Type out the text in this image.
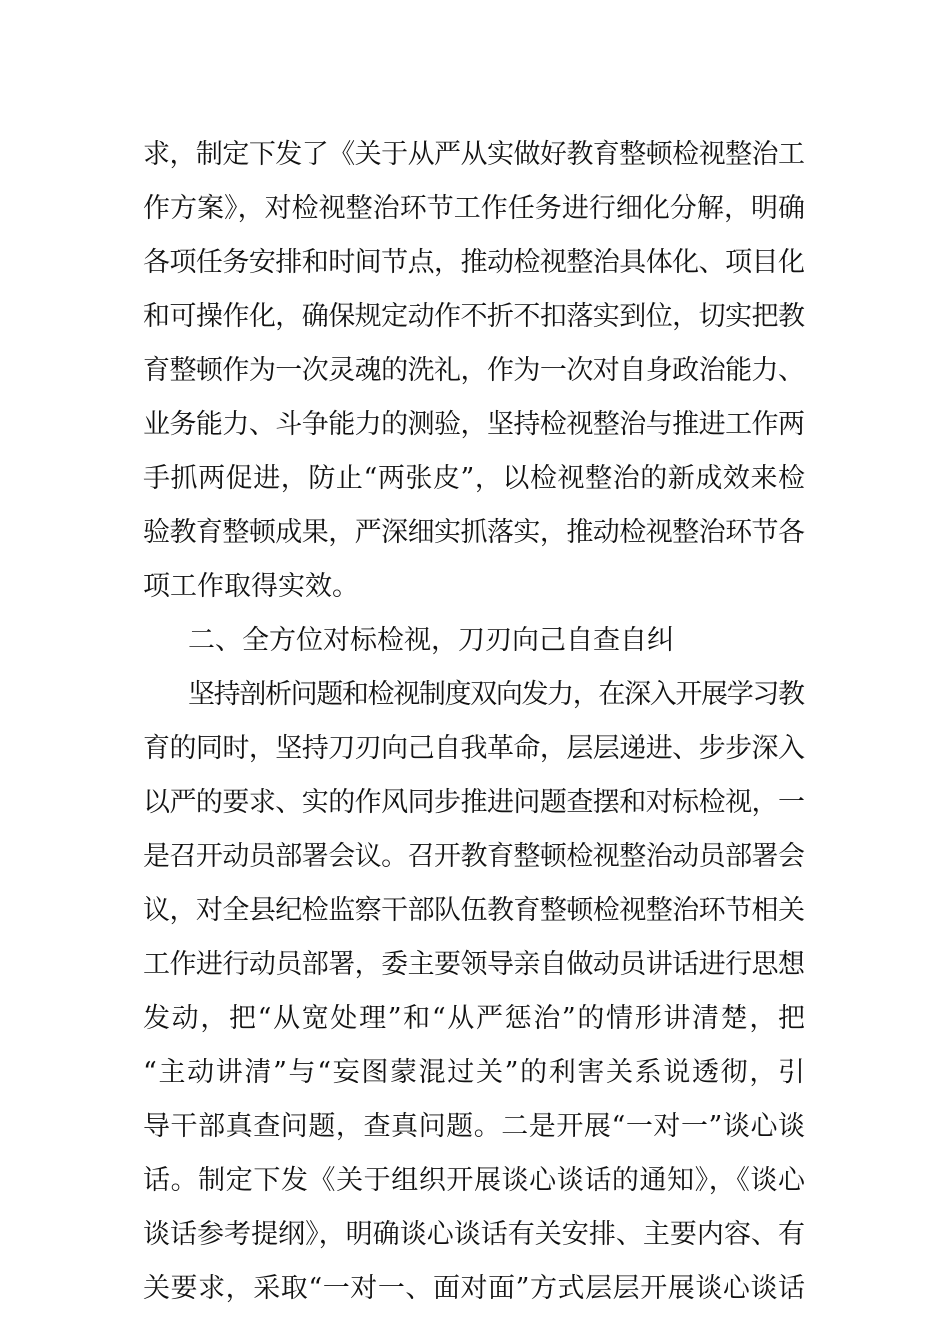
求，制定下发了《关于从严从实做好教育整顿检视整治工
作方案》，对检视整治环节工作任务进行细化分解，明确
各项任务安排和时间节点，推动检视整治具体化、项目化
和可操作化，确保规定动作不折不扣落实到位，切实把教
育整顿作为一次灵魂的洗礼，作为一次对自身政治能力、
业务能力、斗争能力的测验，坚持检视整治与推进工作两
手抓两促进，防止“两张皮”，以检视整治的新成效来检
验教育整顿成果，严深细实抓落实，推动检视整治环节各
项工作取得实效。
二、全方位对标检视，刀刃向己自查自纠
坚持剖析问题和检视制度双向发力，在深入开展学习教
育的同时，坚持刀刃向己自我革命，层层递进、步步深入
以严的要求、实的作风同步推进问题查摆和对标检视，一
是召开动员部署会议。召开教育整顿检视整治动员部署会
议，对全县纪检监察干部队伍教育整顿检视整治环节相关
工作进行动员部署，委主要领导亲自做动员讲话进行思想
发动，把“从宽处理”和“从严惩治”的情形讲清楚，把
“主动讲清”与“妄图蒙混过关”的利害关系说透彻，引
导干部真查问题，查真问题。二是开展“一对一”谈心谈
话。制定下发《关于组织开展谈心谈话的通知》，《谈心
谈话参考提纲》，明确谈心谈话有关安排、主要内容、有
关要求，采取“一对一、面对面”方式层层开展谈心谈话
